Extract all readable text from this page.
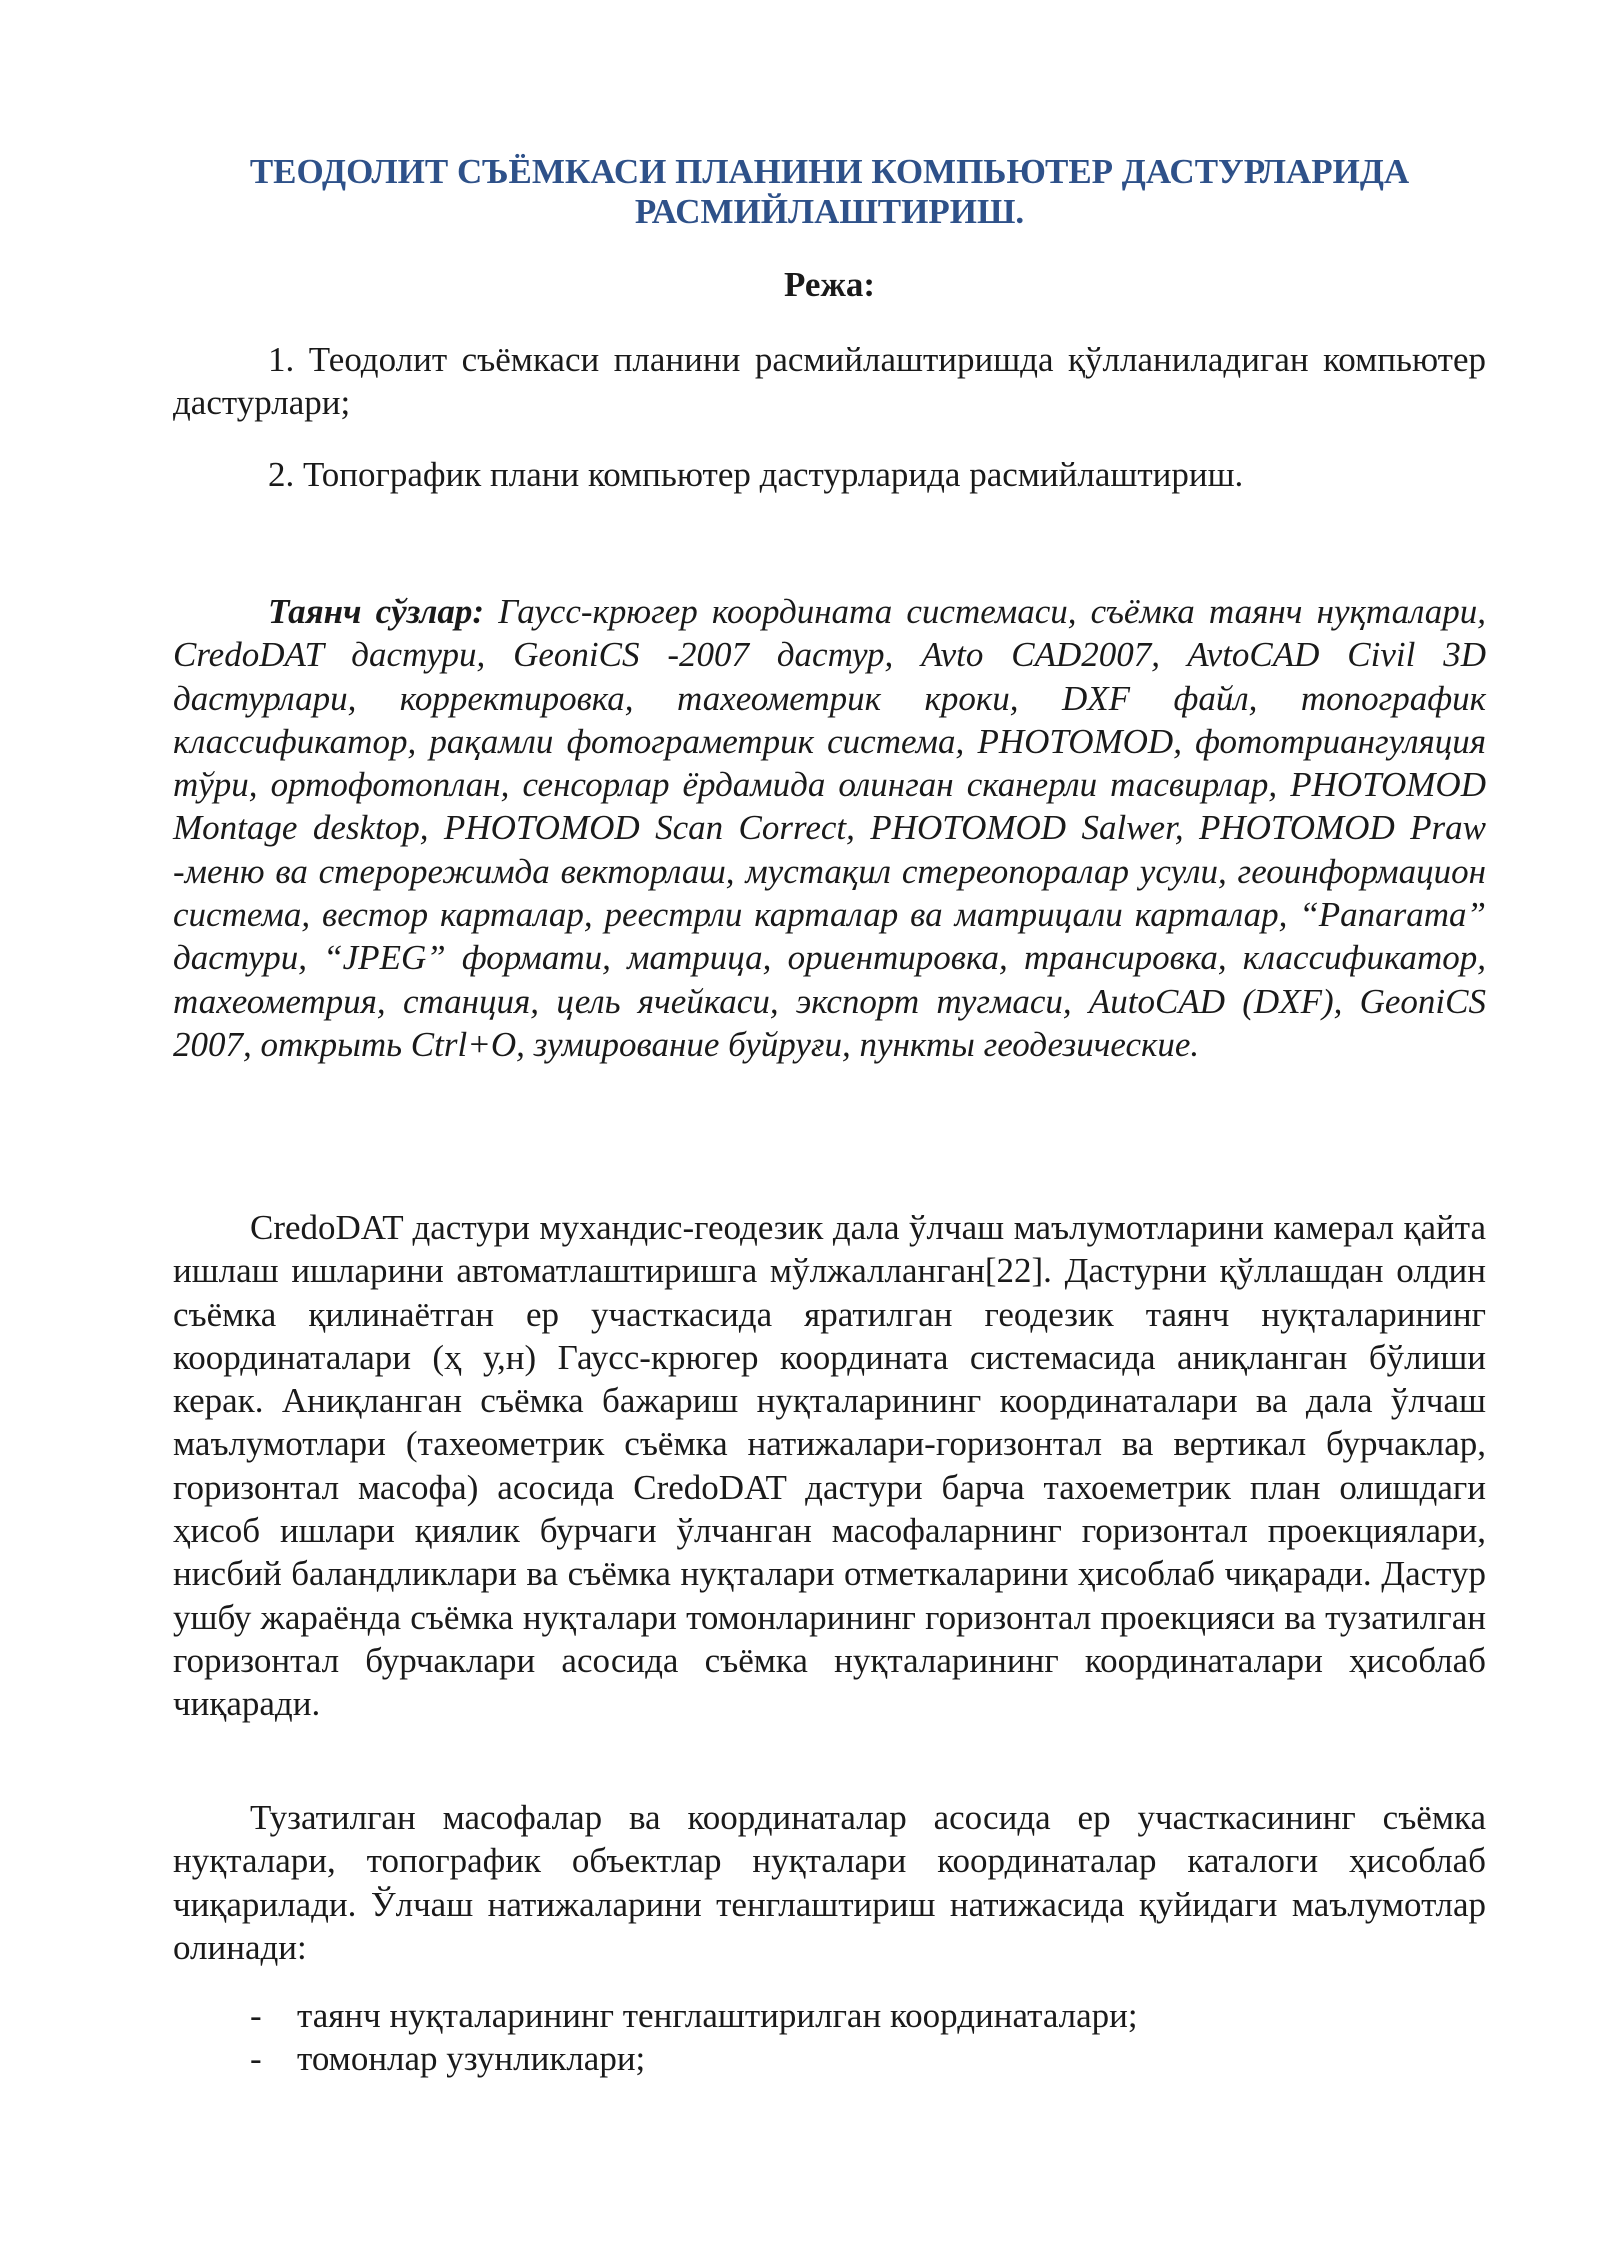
ТЕОДОЛИТ СЪЁМКАСИ ПЛАНИНИ КОМПЬЮТЕР ДАСТУРЛАРИДА
РАСМИЙЛАШТИРИШ.
Режа:

1. Теодолит съёмкаси планини расмийлаштиришда қўлланиладиган компьютер дастурлари;

2. Топографик плани компьютер дастурларида расмийлаштириш.

Таянч сўзлар: Гаусс-крюгер координата системаси, съёмка таянч нуқталари, CredoDAT дастури, GeoniCS -2007 дастур, Avto CAD2007, AvtoCAD Civil 3D дастурлари, корректировка, тахеометрик кроки, DXF файл, топографик классификатор, рақамли фотограметрик система, PHOTOMOD, фототриангуляция тўри, ортофотоплан, сенсорлар ёрдамида олинган сканерли тасвирлар, PHOTOMOD Montage desktop, PHOTOMOD Scan Correct, PHOTOMOD Salwer, PHOTOMOD Praw -меню ва стерорежимда векторлаш, мустақил стереопоралар усули, геоинформацион система, вестор карталар, реестрли карталар ва матрицали карталар, “Panarama” дастури, “JPEG” формати, матрица, ориентировка, трансировка, классификатор, тахеометрия, станция, цель ячейкаси, экспорт тугмаси, AutoCAD (DXF), GeoniCS 2007, открыть Ctrl+O, зумирование буйруғи, пункты геодезические.

CredoDAT дастури мухандис-геодезик дала ўлчаш маълумотларини камерал қайта ишлаш ишларини автоматлаштиришга мўлжалланган[22]. Дастурни қўллашдан олдин съёмка қилинаётган ер участкасида яратилган геодезик таянч нуқталарининг координаталари (ҳ у,н) Гаусс-крюгер координата системасида аниқланган бўлиши керак. Аниқланган съёмка бажариш нуқталарининг координаталари ва дала ўлчаш маълумотлари (тахеометрик съёмка натижалари-горизонтал ва вертикал бурчаклар, горизонтал масофа) асосида CredoDAT дастури барча тахоеметрик план олишдаги ҳисоб ишлари қиялик бурчаги ўлчанган масофаларнинг горизонтал проекциялари, нисбий баландликлари ва съёмка нуқталари отметкаларини ҳисоблаб чиқаради. Дастур ушбу жараёнда съёмка нуқталари томонларининг горизонтал проекцияси ва тузатилган горизонтал бурчаклари асосида съёмка нуқталарининг координаталари ҳисоблаб чиқаради.

Тузатилган масофалар ва координаталар асосида ер участкасининг съёмка нуқталари, топографик объектлар нуқталари координаталар каталоги ҳисоблаб чиқарилади. Ўлчаш натижаларини тенглаштириш натижасида қуйидаги маълумотлар олинади:

- таянч нуқталарининг тенглаштирилган координаталари;
- томонлар узунликлари;
